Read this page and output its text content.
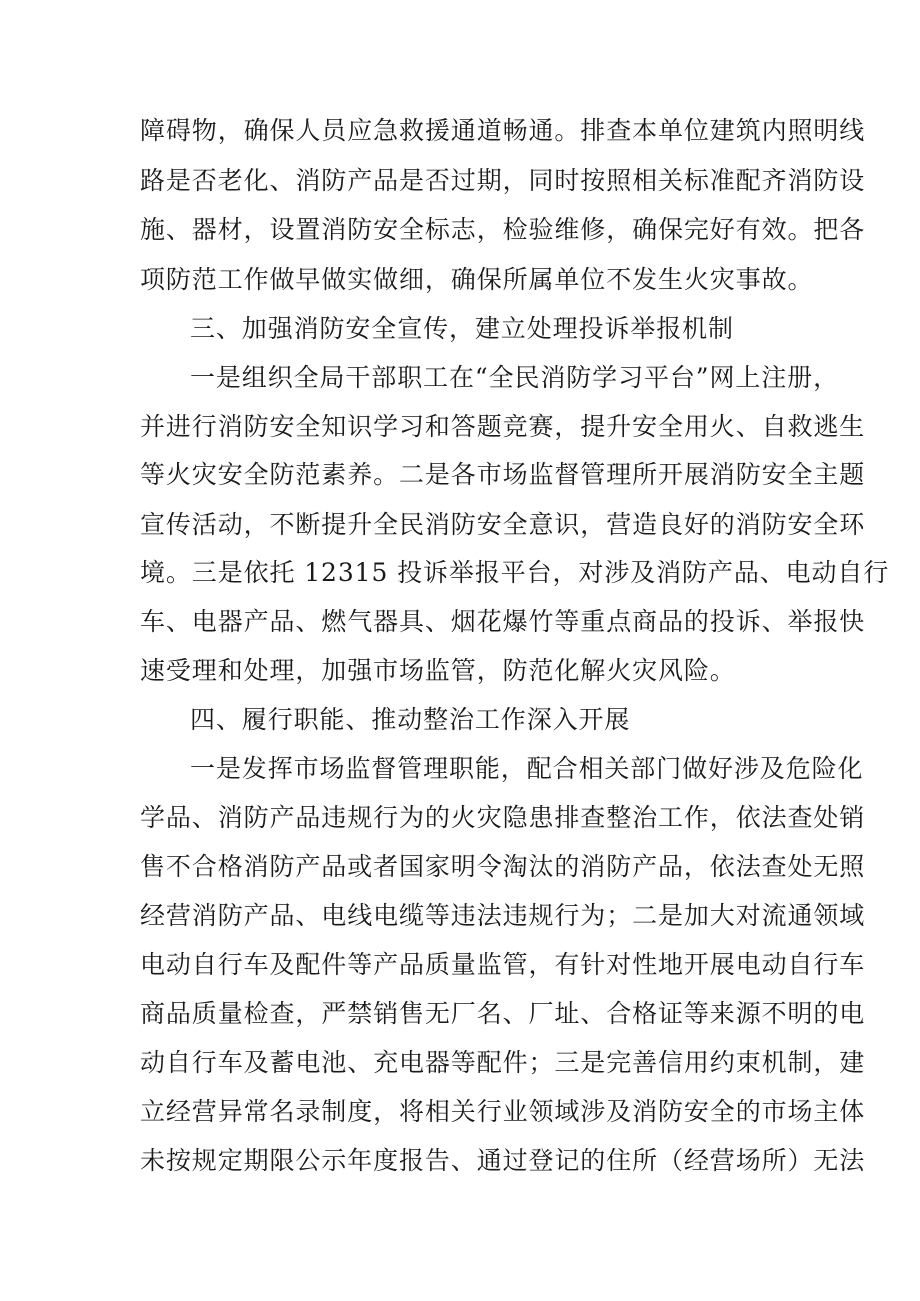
障碍物，确保人员应急救援通道畅通。排查本单位建筑内照明线
路是否老化、消防产品是否过期，同时按照相关标准配齐消防设
施、器材，设置消防安全标志，检验维修，确保完好有效。把各
项防范工作做早做实做细，确保所属单位不发生火灾事故。
三、加强消防安全宣传，建立处理投诉举报机制
一是组织全局干部职工在“全民消防学习平台”网上注册，
并进行消防安全知识学习和答题竞赛，提升安全用火、自救逃生
等火灾安全防范素养。二是各市场监督管理所开展消防安全主题
宣传活动，不断提升全民消防安全意识，营造良好的消防安全环
境。三是依托 12315 投诉举报平台，对涉及消防产品、电动自行
车、电器产品、燃气器具、烟花爆竹等重点商品的投诉、举报快
速受理和处理，加强市场监管，防范化解火灾风险。
四、履行职能、推动整治工作深入开展
一是发挥市场监督管理职能，配合相关部门做好涉及危险化
学品、消防产品违规行为的火灾隐患排查整治工作，依法查处销
售不合格消防产品或者国家明令淘汰的消防产品，依法查处无照
经营消防产品、电线电缆等违法违规行为；二是加大对流通领域
电动自行车及配件等产品质量监管，有针对性地开展电动自行车
商品质量检查，严禁销售无厂名、厂址、合格证等来源不明的电
动自行车及蓄电池、充电器等配件；三是完善信用约束机制，建
立经营异常名录制度，将相关行业领域涉及消防安全的市场主体
未按规定期限公示年度报告、通过登记的住所（经营场所）无法
